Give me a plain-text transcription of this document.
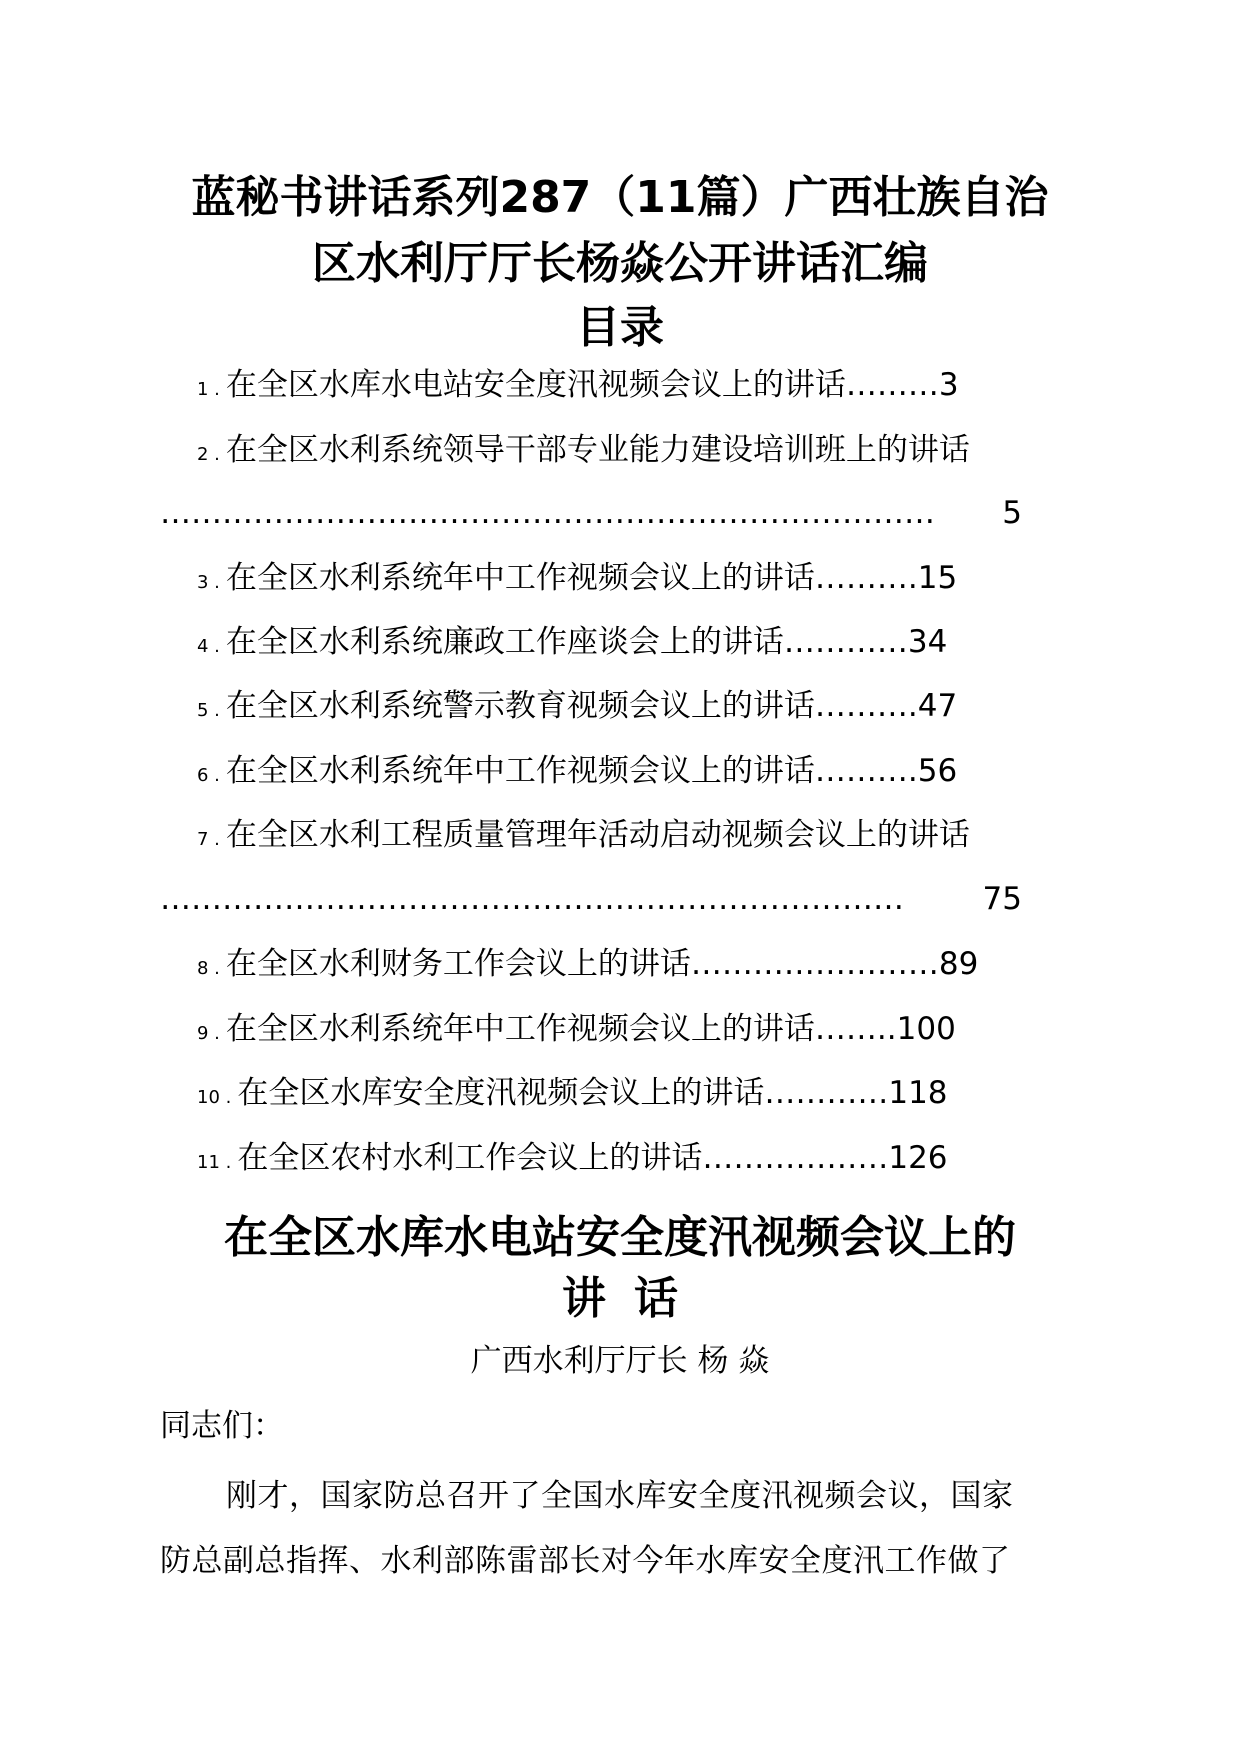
蓝秘书讲话系列287（11篇）广西壮族自治
区水利厅厅长杨焱公开讲话汇编
目录
1 . 在全区水库水电站安全度汛视频会议上的讲话 ……… 3
2 . 在全区水利系统领导干部专业能力建设培训班上的讲话
…………………………………………………………………	5
3 . 在全区水利系统年中工作视频会议上的讲话 ………. 15
4 . 在全区水利系统廉政工作座谈会上的讲话 ………… 34
5 . 在全区水利系统警示教育视频会议上的讲话 ………. 47
6 . 在全区水利系统年中工作视频会议上的讲话 ………. 56
7 . 在全区水利工程质量管理年活动启动视频会议上的讲话
………………………………………………………………	75
8 . 在全区水利财务工作会议上的讲话 …………………… 89
9 . 在全区水利系统年中工作视频会议上的讲话 …….. 100
10 . 在全区水库安全度汛视频会议上的讲话 ………… 118
11 . 在全区农村水利工作会议上的讲话 ……………… 126
在全区水库水电站安全度汛视频会议上的
讲话
广西水利厅厅长 杨 焱
同志们：
刚才，国家防总召开了全国水库安全度汛视频会议，国家
防总副总指挥、水利部陈雷部长对今年水库安全度汛工作做了
